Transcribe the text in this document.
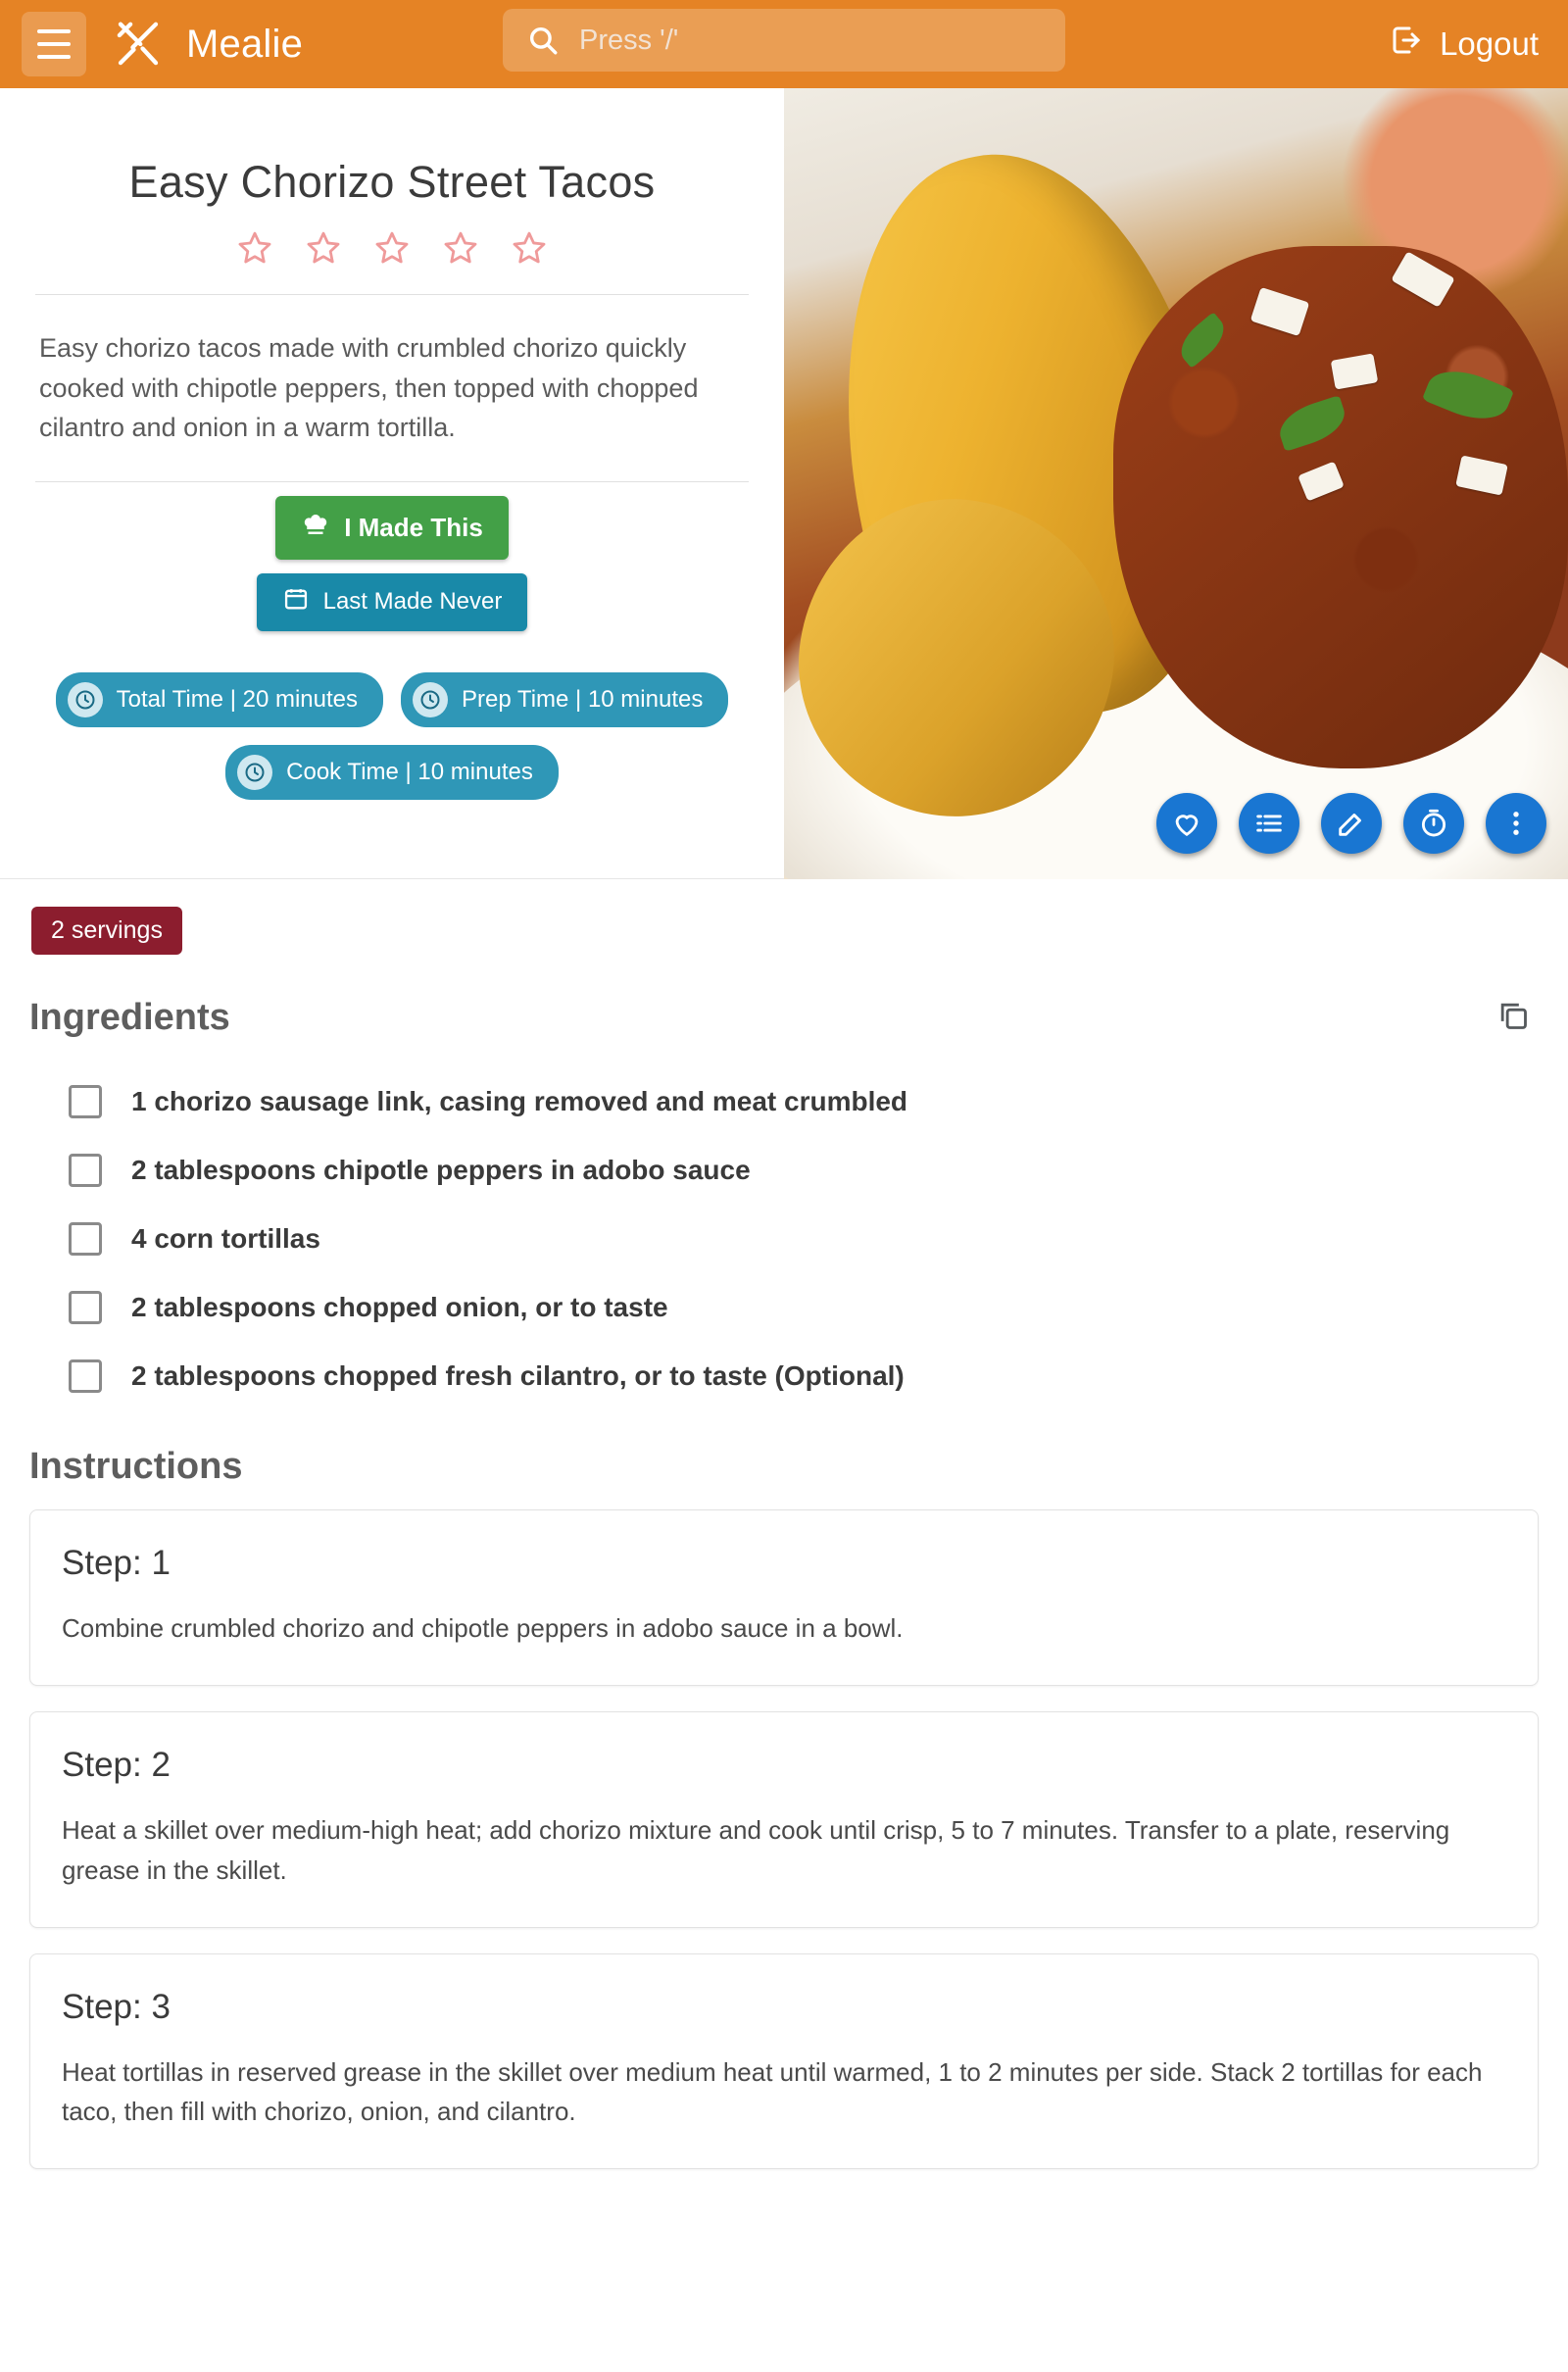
Mealie
Press '/'	Logout
Easy Chorizo Street Tacos
Easy chorizo tacos made with crumbled chorizo quickly cooked with chipotle peppers, then topped with chopped cilantro and onion in a warm tortilla.
I Made This
Last Made Never
Total Time | 20 minutes	Prep Time | 10 minutes
Cook Time | 10 minutes
2 servings
Ingredients
1 chorizo sausage link, casing removed and meat crumbled
2 tablespoons chipotle peppers in adobo sauce
4 corn tortillas
2 tablespoons chopped onion, or to taste
2 tablespoons chopped fresh cilantro, or to taste (Optional)
Instructions
Step: 1
Combine crumbled chorizo and chipotle peppers in adobo sauce in a bowl.
Step: 2
Heat a skillet over medium-high heat; add chorizo mixture and cook until crisp, 5 to 7 minutes. Transfer to a plate, reserving grease in the skillet.
Step: 3
Heat tortillas in reserved grease in the skillet over medium heat until warmed, 1 to 2 minutes per side. Stack 2 tortillas for each taco, then fill with chorizo, onion, and cilantro.
